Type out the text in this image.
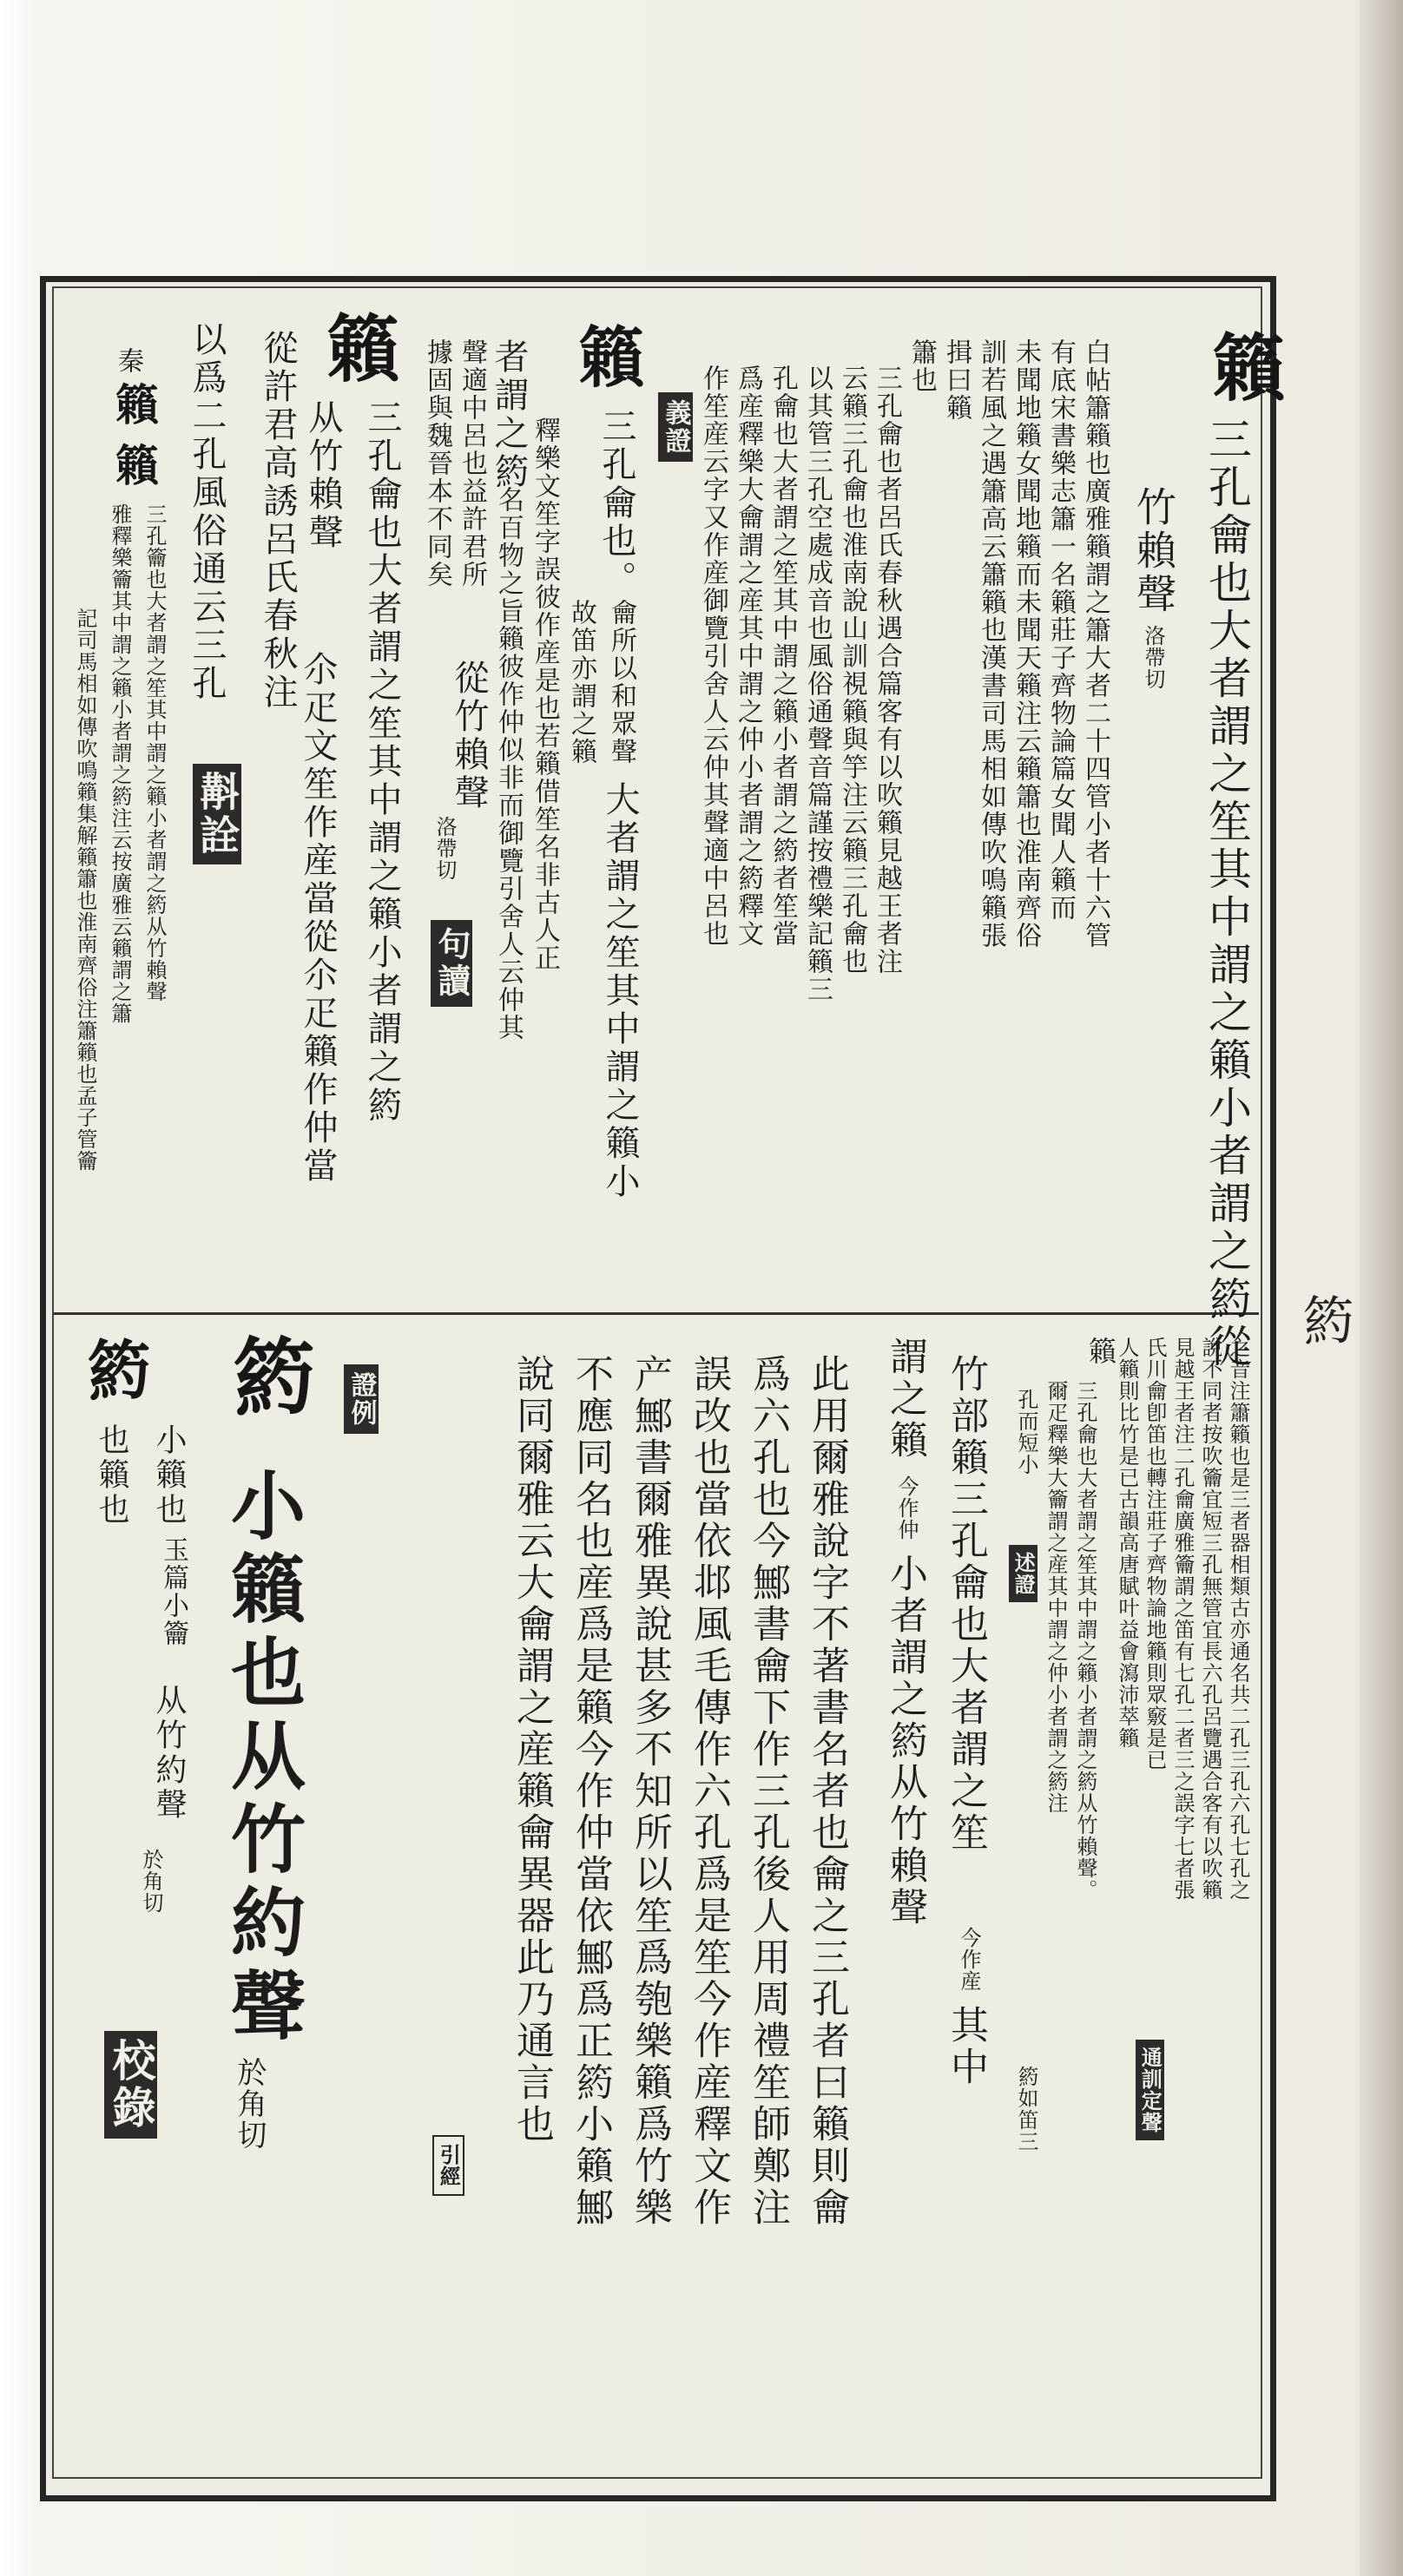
箹
籟
三孔龠也大者謂之笙其中謂之籟小者謂之箹從
竹賴聲
洛帶切
白帖簫籟也廣雅籟謂之簫大者二十四管小者十六管
有底宋書樂志簫一名籟莊子齊物論篇女聞人籟而
未聞地籟女聞地籟而未聞天籟注云籟簫也淮南齊俗
訓若風之遇簫高云簫籟也漢書司馬相如傳吹鳴籟張
揖曰籟
簫也
義證	三孔龠也者呂氏春秋遇合篇客有以吹籟見越王者注
云籟三孔龠也淮南說山訓視籟與竽注云籟三孔龠也
以其管三孔空處成音也風俗通聲音篇謹按禮樂記籟三
孔龠也大者謂之笙其中謂之籟小者謂之箹者笙當
爲産釋樂大龠謂之産其中謂之仲小者謂之箹釋文
作笙産云字又作産御覽引舍人云仲其聲適中呂也
籟
三孔龠也。
龠所以和眾聲
大者謂之笙其中謂之籟小
故笛亦謂之籟
釋樂文笙字誤彼作産是也若籟借笙名非古人正
者謂之箹
名百物之旨籟彼作仲似非而御覽引舍人云仲其
聲適中呂也益許君所
據固與魏晉本不同矣
從竹賴聲
洛帶切
句讀
籟
三孔龠也大者謂之笙其中謂之籟小者謂之箹
从竹賴聲
從許君高誘呂氏春秋注
尒疋文笙作産當從尒疋籟作仲當
以爲二孔風俗通云三孔
斠詮
秦
籟
籟
三孔籥也大者謂之笙其中謂之籟小者謂之箹从竹賴聲
雅釋樂籥其中謂之籟小者謂之箹注云按廣雅云籟謂之簫
記司馬相如傳吹鳴籟集解籟簫也淮南齊俗注簫籟也孟子管籥
之音注簫籟也是三者器相類古亦通名共二孔三孔六孔七孔之
說不同者按吹籥宜短三孔無管宜長六孔呂覽遇合客有以吹籟
見越王者注二孔龠廣雅籥謂之笛有七孔二者三之誤字七者張
氏川龠卽笛也轉注莊子齊物論地籟則眾竅是已
人籟則比竹是已古韻高唐賦叶益會瀉沛萃籟
通訓定聲
籟
三孔龠也大者謂之笙其中謂之籟小者謂之箹从竹賴聲。
爾疋釋樂大籥謂之産其中謂之仲小者謂之箹注
孔而短小
述證
箹如笛三
竹部籟三孔龠也大者謂之笙
今作産
其中
謂之籟
今作仲
小者謂之箹从竹賴聲
此用爾雅說字不著書名者也龠之三孔者曰籟則龠
爲六孔也今鄦書龠下作三孔後人用周禮笙師鄭注
誤改也當依邶風毛傳作六孔爲是笙今作産釋文作
产鄦書爾雅異說甚多不知所以笙爲匏樂籟爲竹樂
不應同名也産爲是籟今作仲當依鄦爲正箹小籟鄦
說同爾雅云大龠謂之産籟龠異器此乃通言也
引經
證例
箹
小籟也从竹約聲
於角切
箹
小籟也
玉篇小籥
从竹約聲
於角切
也籟也
校錄
